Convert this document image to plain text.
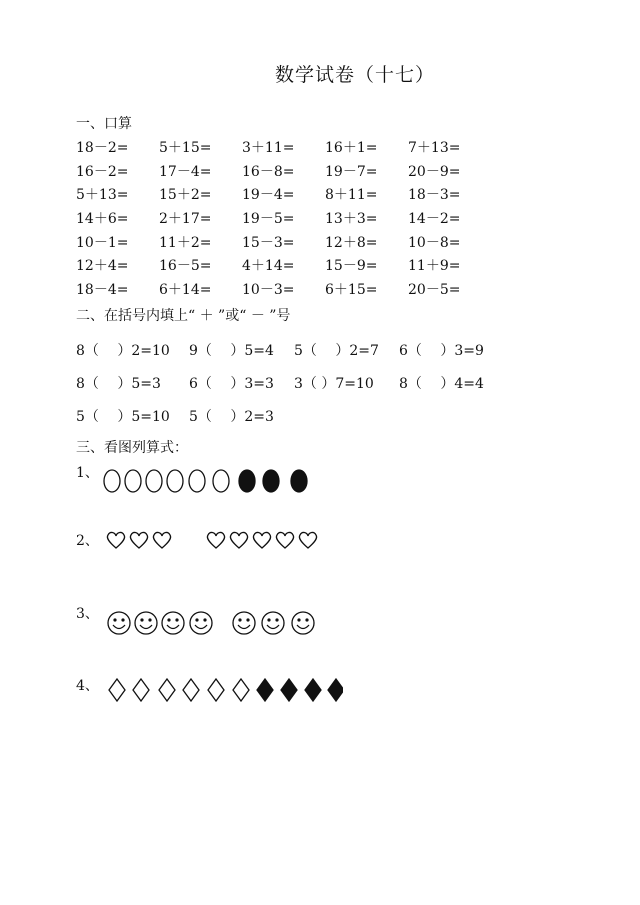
数学试卷（十七）
一、口算
18－2=	5＋15=	3＋11=	16＋1=	7＋13=
16－2=	17－4=	16－8=	19－7=	20－9=
5＋13=	15＋2=	19－4=	8＋11=	18－3=
14＋6=	2＋17=	19－5=	13＋3=	14－2=
10－1=	11＋2=	15－3=	12＋8=	10－8=
12＋4=	16－5=	4＋14=	15－9=	11＋9=
18－4=	6＋14=	10－3=	6＋15=	20－5=
二、在括号内填上“ ＋ ”或“ － ”号
8（　 ）2=10 9（　 ）5=4 5（　 ）2=7 6（　 ）3=9
8（　 ）5=3 6（　 ）3=3 3（ ）7=10 8（　 ）4=4
5（　 ）5=10 5（　 ）2=3
三、看图列算式：
1、
2、
3、
4、
